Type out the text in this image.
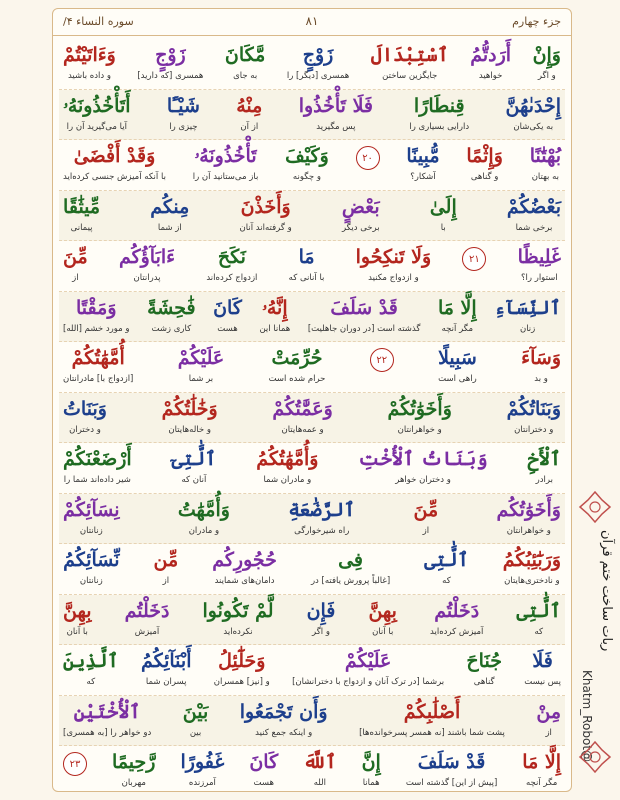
جزء چهارم
۸۱
سوره النساء ۴/
وَإِنْ
و اگر
أَرَدتُّمُ
خواهید
ٱسْتِبْدَالَ
جایگزین ساختن
زَوْجٍ
همسری [دیگر] را
مَّكَانَ
به جای
زَوْجٍ
همسری [که دارید]
وَءَاتَيْتُمْ
و داده باشید
إِحْدَىٰهُنَّ
به یکی‌شان
قِنطَارًا
دارایی بسیاری را
فَلَا تَأْخُذُوا
پس مگیرید
مِنْهُ
از آن
شَيْـًٔا
چیزی را
أَتَأْخُذُونَهُۥ
آیا می‌گیرید آن را
بُهْتَٰنًا
به بهتان
وَإِثْمًا
و گناهی
مُّبِينًا
آشکار؟
۲۰
وَكَيْفَ
و چگونه
تَأْخُذُونَهُۥ
باز می‌ستانید آن را
وَقَدْ أَفْضَىٰ
با آنکه آمیزش جنسی کرده‌اید
بَعْضُكُمْ
برخی شما
إِلَىٰ
با
بَعْضٍ
برخی دیگر
وَأَخَذْنَ
و گرفته‌اند آنان
مِنكُم
از شما
مِّيثَٰقًا
پیمانی
غَلِيظًا
استوار را؟
۲۱
وَلَا تَنكِحُوا
و ازدواج مکنید
مَا
با آنانی که
نَكَحَ
ازدواج کرده‌اند
ءَابَآؤُكُم
پدرانتان
مِّنَ
از
ٱلنِّسَآءِ
زنان
إِلَّا مَا
مگر آنچه
قَدْ سَلَفَ
گذشته است [در دوران جاهلیت]
إِنَّهُۥ
همانا این
كَانَ
هست
فَٰحِشَةً
کاری زشت
وَمَقْتًا
و مورد خشم [الله]
وَسَآءَ
و بد
سَبِيلًا
راهی است
۲۲
حُرِّمَتْ
حرام شده است
عَلَيْكُمْ
بر شما
أُمَّهَٰتُكُمْ
[ازدواج با] مادرانتان
وَبَنَاتُكُمْ
و دخترانتان
وَأَخَوَٰتُكُمْ
و خواهرانتان
وَعَمَّٰتُكُمْ
و عمه‌هایتان
وَخَٰلَٰتُكُمْ
و خاله‌هایتان
وَبَنَاتُ
و دختران
ٱلْأَخِ
برادر
وَبَنَاتُ ٱلْأُخْتِ
و دختران خواهر
وَأُمَّهَٰتُكُمُ
و مادران شما
ٱلَّٰتِىٓ
آنان که
أَرْضَعْنَكُمْ
شیر داده‌اند شما را
وَأَخَوَٰتُكُم
و خواهرانتان
مِّنَ
از
ٱلرَّضَٰعَةِ
راه شیرخوارگی
وَأُمَّهَٰتُ
و مادران
نِسَآئِكُمْ
زنانتان
وَرَبَٰٓئِبُكُمُ
و نادختری‌هایتان
ٱلَّٰتِى
که
فِى
[غالباً پرورش یافته] در
حُجُورِكُم
دامان‌های شمایند
مِّن
از
نِّسَآئِكُمُ
زنانتان
ٱلَّٰتِى
که
دَخَلْتُم
آمیزش کرده‌اید
بِهِنَّ
با آنان
فَإِن
و اگر
لَّمْ تَكُونُوا
نکرده‌اید
دَخَلْتُم
آمیزش
بِهِنَّ
با آنان
فَلَا
پس نیست
جُنَاحَ
گناهی
عَلَيْكُمْ
برشما [در ترک آنان و ازدواج با دخترانشان]
وَحَلَٰٓئِلُ
و [نیز] همسران
أَبْنَآئِكُمُ
پسران شما
ٱلَّذِينَ
که
مِنْ
از
أَصْلَٰبِكُمْ
پشت شما باشند [نه همسر پسرخوانده‌ها]
وَأَن تَجْمَعُوا
و اینکه جمع کنید
بَيْنَ
بین
ٱلْأُخْتَيْنِ
دو خواهر را [به همسری]
إِلَّا مَا
مگر آنچه
قَدْ سَلَفَ
[پیش از این] گذشته است
إِنَّ
همانا
ٱللَّهَ
الله
كَانَ
هست
غَفُورًا
آمرزنده
رَّحِيمًا
مهربان
۲۳
ربات ساخت ختم قرآن
Khatm_Robot@
